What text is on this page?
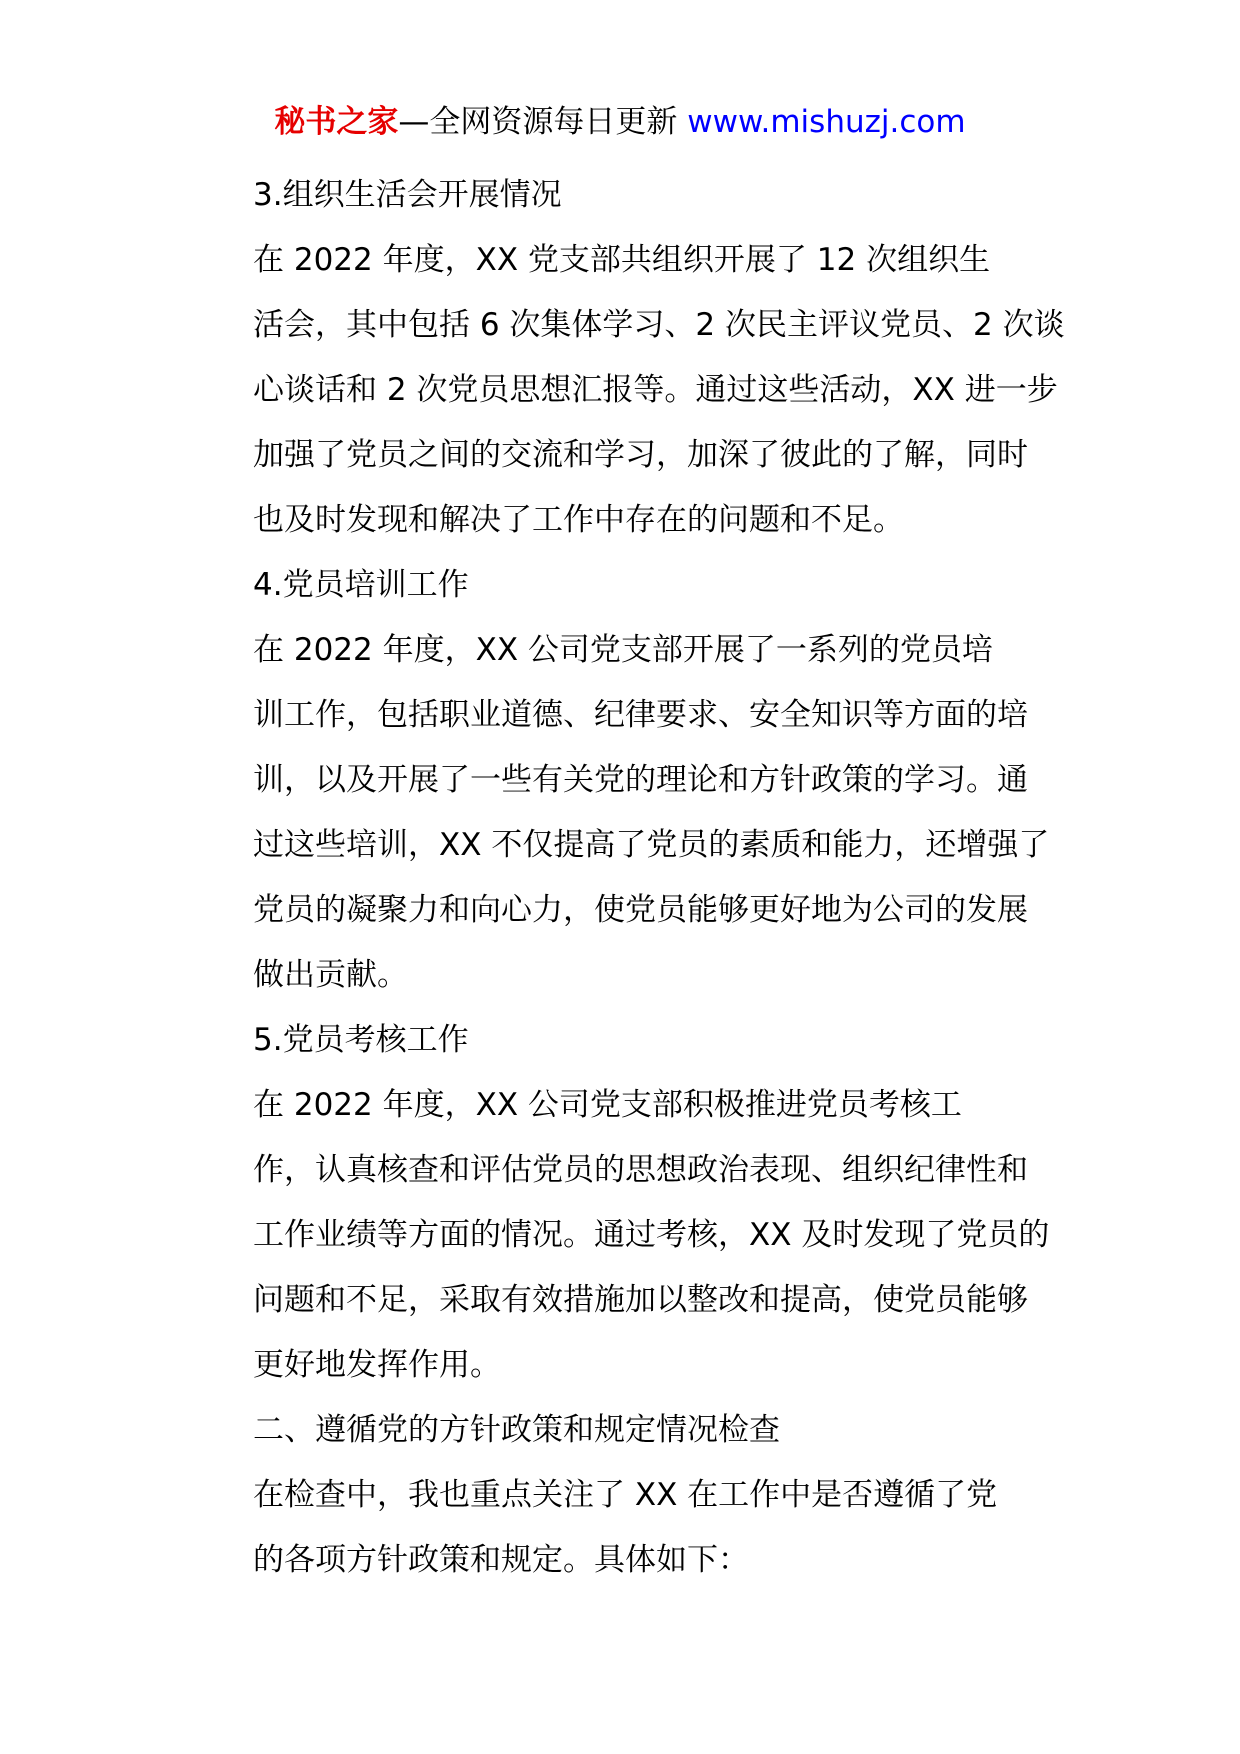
秘书之家—全网资源每日更新 www.mishuzj.com

3.组织生活会开展情况

在 2022 年度，XX 党支部共组织开展了 12 次组织生
活会，其中包括 6 次集体学习、2 次民主评议党员、2 次谈
心谈话和 2 次党员思想汇报等。通过这些活动，XX 进一步
加强了党员之间的交流和学习，加深了彼此的了解，同时
也及时发现和解决了工作中存在的问题和不足。

4.党员培训工作

在 2022 年度，XX 公司党支部开展了一系列的党员培
训工作，包括职业道德、纪律要求、安全知识等方面的培
训，以及开展了一些有关党的理论和方针政策的学习。通
过这些培训，XX 不仅提高了党员的素质和能力，还增强了
党员的凝聚力和向心力，使党员能够更好地为公司的发展
做出贡献。

5.党员考核工作

在 2022 年度，XX 公司党支部积极推进党员考核工
作，认真核查和评估党员的思想政治表现、组织纪律性和
工作业绩等方面的情况。通过考核，XX 及时发现了党员的
问题和不足，采取有效措施加以整改和提高，使党员能够
更好地发挥作用。

二、遵循党的方针政策和规定情况检查

在检查中，我也重点关注了 XX 在工作中是否遵循了党
的各项方针政策和规定。具体如下：
